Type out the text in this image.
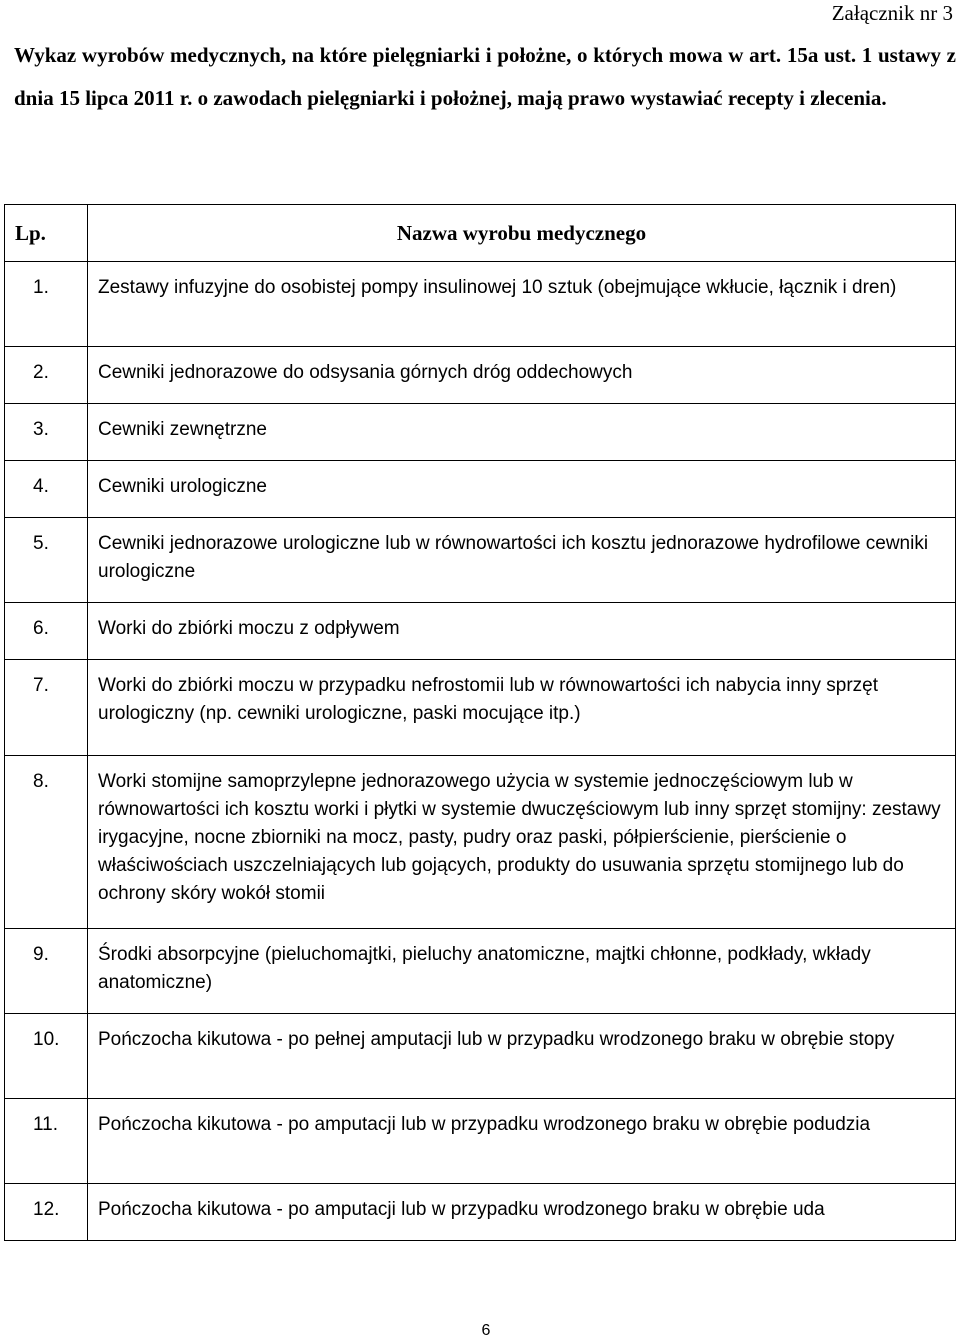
Załącznik nr 3

Wykaz wyrobów medycznych, na które pielęgniarki i położne, o których mowa w art. 15a ust. 1 ustawy z dnia 15 lipca 2011 r. o zawodach pielęgniarki i położnej, mają prawo wystawiać recepty i zlecenia.

Lp.	Nazwa wyrobu medycznego
1.	Zestawy infuzyjne do osobistej pompy insulinowej 10 sztuk (obejmujące wkłucie, łącznik i dren)
2.	Cewniki jednorazowe do odsysania górnych dróg oddechowych
3.	Cewniki zewnętrzne
4.	Cewniki urologiczne
5.	Cewniki jednorazowe urologiczne lub w równowartości ich kosztu jednorazowe hydrofilowe cewniki urologiczne
6.	Worki do zbiórki moczu z odpływem
7.	Worki do zbiórki moczu w przypadku nefrostomii lub w równowartości ich nabycia inny sprzęt urologiczny (np. cewniki urologiczne, paski mocujące itp.)
8.	Worki stomijne samoprzylepne jednorazowego użycia w systemie jednoczęściowym lub w równowartości ich kosztu worki i płytki w systemie dwuczęściowym lub inny sprzęt stomijny: zestawy irygacyjne, nocne zbiorniki na mocz, pasty, pudry oraz paski, półpierścienie, pierścienie o właściwościach uszczelniających lub gojących, produkty do usuwania sprzętu stomijnego lub do ochrony skóry wokół stomii
9.	Środki absorpcyjne (pieluchomajtki, pieluchy anatomiczne, majtki chłonne, podkłady, wkłady anatomiczne)
10.	Pończocha kikutowa - po pełnej amputacji lub w przypadku wrodzonego braku w obrębie stopy
11.	Pończocha kikutowa - po amputacji lub w przypadku wrodzonego braku w obrębie podudzia
12.	Pończocha kikutowa - po amputacji lub w przypadku wrodzonego braku w obrębie uda

6
